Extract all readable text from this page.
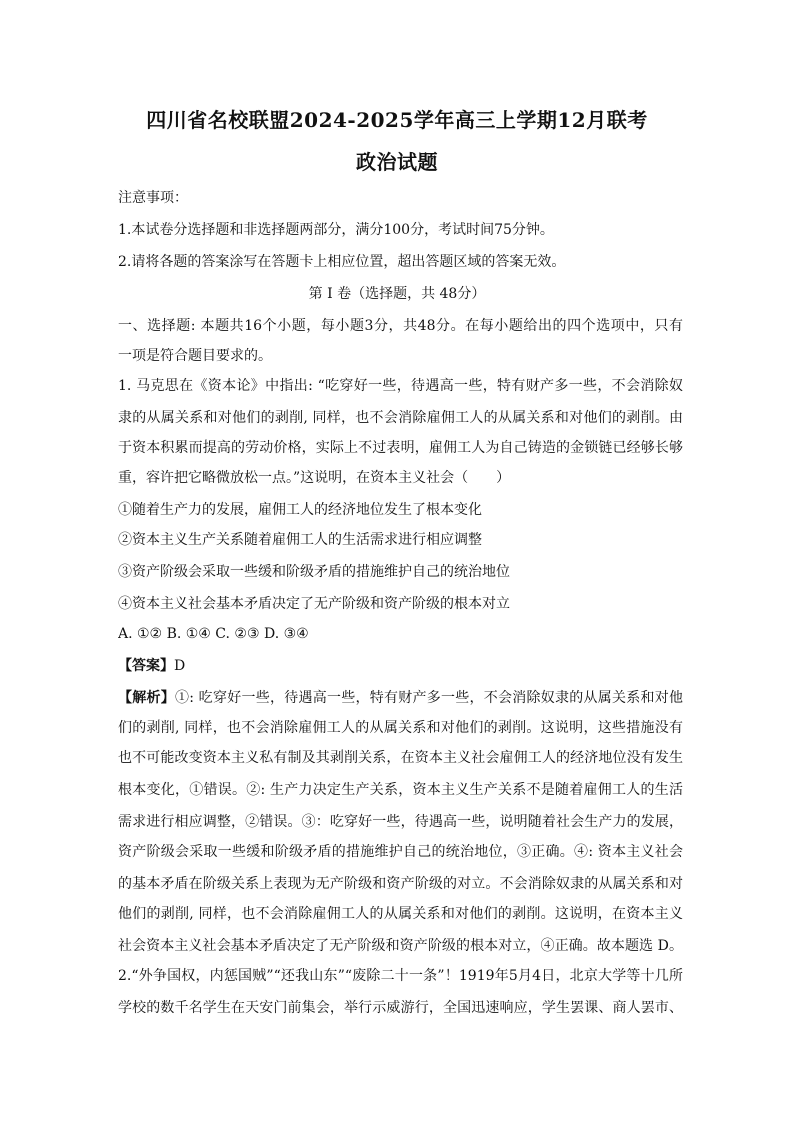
四川省名校联盟2024-2025学年高三上学期12月联考
政治试题
注意事项：
1.本试卷分选择题和非选择题两部分，满分100分，考试时间75分钟。
2.请将各题的答案涂写在答题卡上相应位置，超出答题区域的答案无效。
第 I 卷（选择题，共 48分）
一、选择题: 本题共16个小题，每小题3分，共48分。在每小题给出的四个选项中，只有
一项是符合题目要求的。
1. 马克思在《资本论》中指出: “吃穿好一些，待遇高一些，特有财产多一些，不会消除奴
隶的从属关系和对他们的剥削, 同样，也不会消除雇佣工人的从属关系和对他们的剥削。由
于资本积累而提高的劳动价格，实际上不过表明，雇佣工人为自己铸造的金锁链已经够长够
重，容许把它略微放松一点。”这说明，在资本主义社会（　　）
①随着生产力的发展，雇佣工人的经济地位发生了根本变化
②资本主义生产关系随着雇佣工人的生活需求进行相应调整
③资产阶级会采取一些缓和阶级矛盾的措施维护自己的统治地位
④资本主义社会基本矛盾决定了无产阶级和资产阶级的根本对立
A. ①② B. ①④ C. ②③ D. ③④
【答案】D
【解析】①: 吃穿好一些，待遇高一些，特有财产多一些，不会消除奴隶的从属关系和对他
们的剥削, 同样，也不会消除雇佣工人的从属关系和对他们的剥削。这说明，这些措施没有
也不可能改变资本主义私有制及其剥削关系，在资本主义社会雇佣工人的经济地位没有发生
根本变化，①错误。②: 生产力决定生产关系，资本主义生产关系不是随着雇佣工人的生活
需求进行相应调整，②错误。③：吃穿好一些，待遇高一些，说明随着社会生产力的发展，
资产阶级会采取一些缓和阶级矛盾的措施维护自己的统治地位，③正确。④: 资本主义社会
的基本矛盾在阶级关系上表现为无产阶级和资产阶级的对立。不会消除奴隶的从属关系和对
他们的剥削, 同样，也不会消除雇佣工人的从属关系和对他们的剥削。这说明，在资本主义
社会资本主义社会基本矛盾决定了无产阶级和资产阶级的根本对立，④正确。故本题选 D。
2.“外争国权，内惩国贼”“还我山东”“废除二十一条”！1919年5月4日，北京大学等十几所
学校的数千名学生在天安门前集会，举行示威游行，全国迅速响应，学生罢课、商人罢市、
